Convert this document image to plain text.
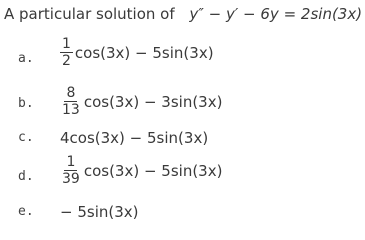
A particular solution of y″ − y′ − 6y = 2sin(3x)
a. $\frac{1}{2} \cos(3x) - 5\sin(3x)$
b. $\frac{8}{13} \cos(3x) - 3\sin(3x)$
c. 4cos(3x) − 5sin(3x)
d. $\frac{1}{39} \cos(3x) - 5\sin(3x)$
e. − 5sin(3x)
